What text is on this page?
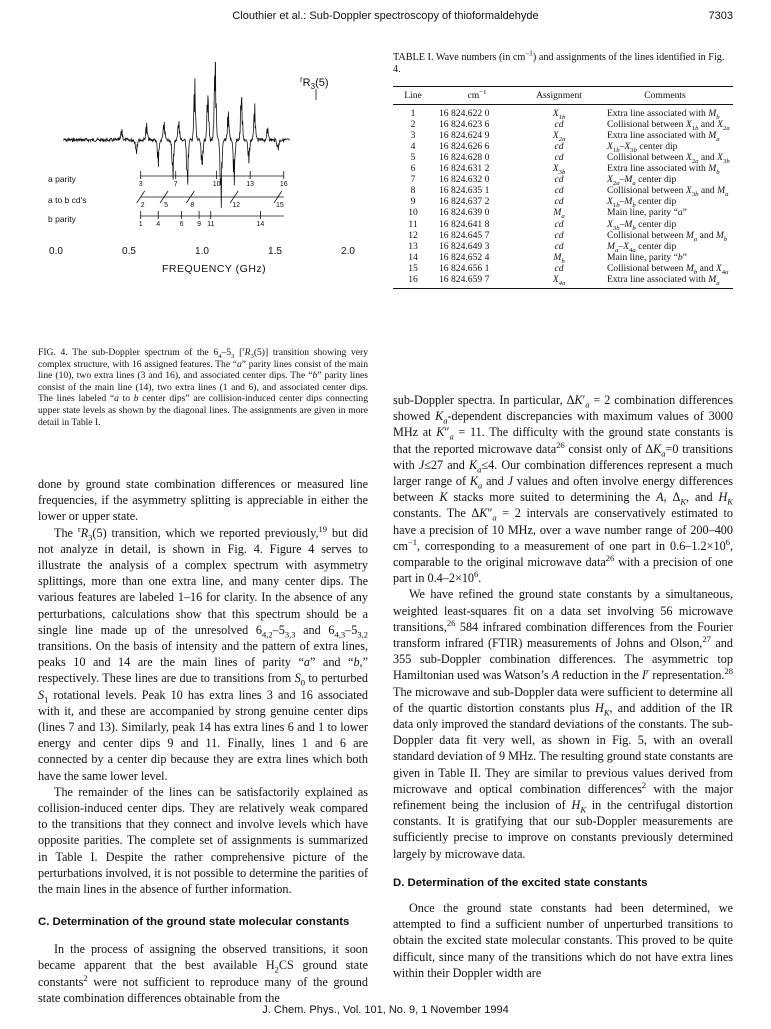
Clouthier et al.: Sub-Doppler spectroscopy of thioformaldehyde	7303
$^rR_3(5)$
a parity
a to b cd's
b parity
FREQUENCY (GHz)
3	7	10	13	16
2	5	8	12	15
1 4	6 9 11	14
0.0	0.5	1.0	1.5	2.0
FIG. 4. The sub-Doppler spectrum of the $6_4-5_3$ $[^rR_3(5)]$ transition showing very complex structure, with 16 assigned features. The “a” parity lines consist of the main line (10), two extra lines (3 and 16), and associated center dips. The “b” parity lines consist of the main line (14), two extra lines (1 and 6), and associated center dips. The lines labeled “a to b center dips” are collision-induced center dips connecting upper state levels as shown by the diagonal lines. The assignments are given in more detail in Table I.
TABLE I. Wave numbers (in $cm^{-1}$) and assignments of the lines identified in Fig. 4.
Line	$cm^{-1}$	Assignment	Comments
1	16 824.622 0	$X_{1b}$	Extra line associated with $M_b$
2	16 824.623 6	cd	Collisional between $X_{1b}$ and $X_{2a}$
3	16 824.624 9	$X_{2a}$	Extra line associated with $M_a$
4	16 824.626 6	cd	$X_{1b}-X_{3b}$ center dip
5	16 824.628 0	cd	Collisional between $X_{2a}$ and $X_{3b}$
6	16 824.631 2	$X_{3b}$	Extra line associated with $M_b$
7	16 824.632 0	cd	$X_{2a}-M_a$ center dip
8	16 824.635 1	cd	Collisional between $X_{3b}$ and $M_a$
9	16 824.637 2	cd	$X_{1b}-M_b$ center dip
10	16 824.639 0	$M_a$	Main line, parity “a”
11	16 824.641 8	cd	$X_{3b}-M_b$ center dip
12	16 824.645 7	cd	Collisional between $M_a$ and $M_b$
13	16 824.649 3	cd	$M_a-X_{4a}$ center dip
14	16 824.652 4	$M_b$	Main line, parity “b”
15	16 824.656 1	cd	Collisional between $M_b$ and $X_{4a}$
16	16 824.659 7	$X_{4a}$	Extra line associated with $M_a$

done by ground state combination differences or measured line frequencies, if the asymmetry splitting is appreciable in either the lower or upper state.

The $^rR_3(5)$ transition, which we reported previously,$^{19}$ but did not analyze in detail, is shown in Fig. 4. Figure 4 serves to illustrate the analysis of a complex spectrum with asymmetry splittings, more than one extra line, and many center dips. The various features are labeled 1–16 for clarity. In the absence of any perturbations, calculations show that this spectrum should be a single line made up of the unresolved $6_{4,2}-5_{3,3}$ and $6_{4,3}-5_{3,2}$ transitions. On the basis of intensity and the pattern of extra lines, peaks 10 and 14 are the main lines of parity “a” and “b,” respectively. These lines are due to transitions from $S_0$ to perturbed $S_1$ rotational levels. Peak 10 has extra lines 3 and 16 associated with it, and these are accompanied by strong genuine center dips (lines 7 and 13). Similarly, peak 14 has extra lines 6 and 1 to lower energy and center dips 9 and 11. Finally, lines 1 and 6 are connected by a center dip because they are extra lines which both have the same lower level.

The remainder of the lines can be satisfactorily explained as collision-induced center dips. They are relatively weak compared to the transitions that they connect and involve levels which have opposite parities. The complete set of assignments is summarized in Table I. Despite the rather comprehensive picture of the perturbations involved, it is not possible to determine the parities of the main lines in the absence of further information.

C. Determination of the ground state molecular constants

In the process of assigning the observed transitions, it soon became apparent that the best available $H_2CS$ ground state constants$^2$ were not sufficient to reproduce many of the ground state combination differences obtainable from the

sub-Doppler spectra. In particular, $\Delta K'_a = 2$ combination differences showed $K_a$-dependent discrepancies with maximum values of 3000 MHz at $K''_a = 11$. The difficulty with the ground state constants is that the reported microwave data$^{26}$ consist only of $\Delta K_a=0$ transitions with J≤27 and $K_a\le 4$. Our combination differences represent a much larger range of $K_a$ and J values and often involve energy differences between K stacks more suited to determining the A, $\Delta_K$, and $H_K$ constants. The $\Delta K''_a = 2$ intervals are conservatively estimated to have a precision of 10 MHz, over a wave number range of 200–400 $cm^{-1}$, corresponding to a measurement of one part in $0.6-1.2\times 10^6$, comparable to the original microwave data$^{26}$ with a precision of one part in $0.4-2\times 10^6$.

We have refined the ground state constants by a simultaneous, weighted least-squares fit on a data set involving 56 microwave transitions,$^{26}$ 584 infrared combination differences from the Fourier transform infrared (FTIR) measurements of Johns and Olson,$^{27}$ and 355 sub-Doppler combination differences. The asymmetric top Hamiltonian used was Watson’s A reduction in the $I^r$ representation.$^{28}$ The microwave and sub-Doppler data were sufficient to determine all of the quartic distortion constants plus $H_K$, and addition of the IR data only improved the standard deviations of the constants. The sub-Doppler data fit very well, as shown in Fig. 5, with an overall standard deviation of 9 MHz. The resulting ground state constants are given in Table II. They are similar to previous values derived from microwave and optical combination differences$^2$ with the major refinement being the inclusion of $H_K$ in the centrifugal distortion constants. It is gratifying that our sub-Doppler measurements are sufficiently precise to improve on constants previously determined largely by microwave data.

D. Determination of the excited state constants

Once the ground state constants had been determined, we attempted to find a sufficient number of unperturbed transitions to obtain the excited state molecular constants. This proved to be quite difficult, since many of the transitions which do not have extra lines within their Doppler width are

J. Chem. Phys., Vol. 101, No. 9, 1 November 1994
